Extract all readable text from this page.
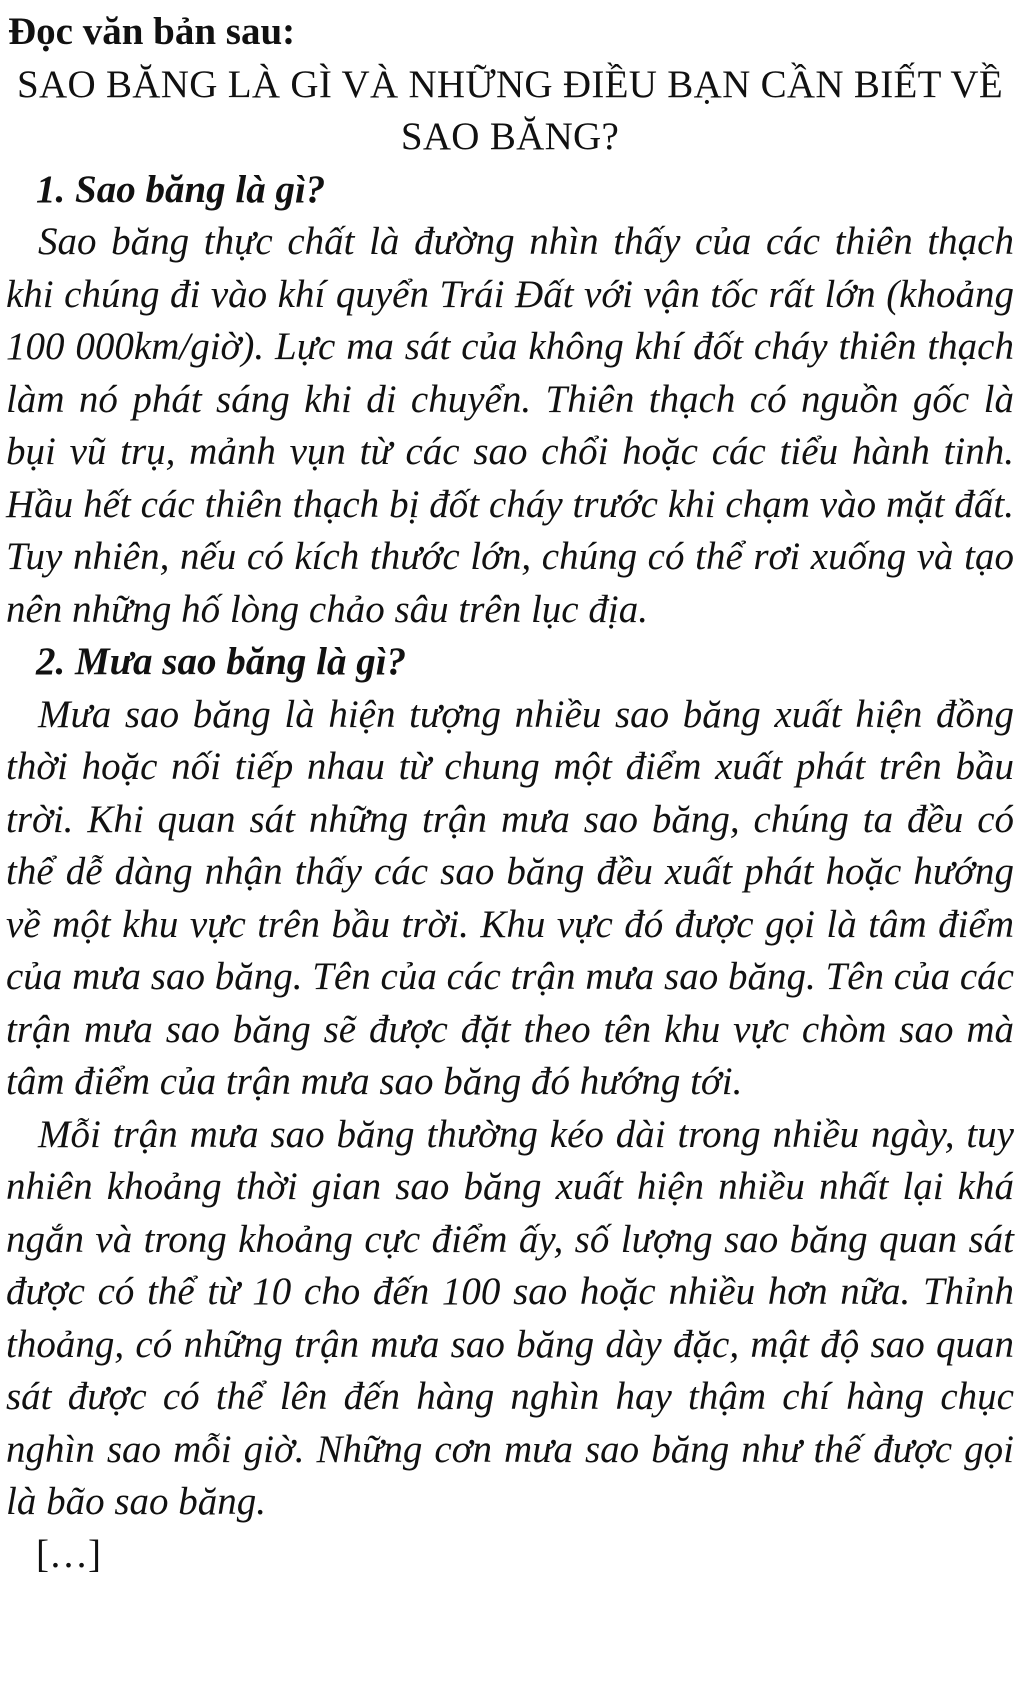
Đọc văn bản sau:

SAO BĂNG LÀ GÌ VÀ NHỮNG ĐIỀU BẠN CẦN BIẾT VỀ SAO BĂNG?

1. Sao băng là gì?

Sao băng thực chất là đường nhìn thấy của các thiên thạch khi chúng đi vào khí quyển Trái Đất với vận tốc rất lớn (khoảng 100 000km/giờ). Lực ma sát của không khí đốt cháy thiên thạch làm nó phát sáng khi di chuyển. Thiên thạch có nguồn gốc là bụi vũ trụ, mảnh vụn từ các sao chổi hoặc các tiểu hành tinh. Hầu hết các thiên thạch bị đốt cháy trước khi chạm vào mặt đất. Tuy nhiên, nếu có kích thước lớn, chúng có thể rơi xuống và tạo nên những hố lòng chảo sâu trên lục địa.

2. Mưa sao băng là gì?

Mưa sao băng là hiện tượng nhiều sao băng xuất hiện đồng thời hoặc nối tiếp nhau từ chung một điểm xuất phát trên bầu trời. Khi quan sát những trận mưa sao băng, chúng ta đều có thể dễ dàng nhận thấy các sao băng đều xuất phát hoặc hướng về một khu vực trên bầu trời. Khu vực đó được gọi là tâm điểm của mưa sao băng. Tên của các trận mưa sao băng. Tên của các trận mưa sao băng sẽ được đặt theo tên khu vực chòm sao mà tâm điểm của trận mưa sao băng đó hướng tới.

Mỗi trận mưa sao băng thường kéo dài trong nhiều ngày, tuy nhiên khoảng thời gian sao băng xuất hiện nhiều nhất lại khá ngắn và trong khoảng cực điểm ấy, số lượng sao băng quan sát được có thể từ 10 cho đến 100 sao hoặc nhiều hơn nữa. Thỉnh thoảng, có những trận mưa sao băng dày đặc, mật độ sao quan sát được có thể lên đến hàng nghìn hay thậm chí hàng chục nghìn sao mỗi giờ. Những cơn mưa sao băng như thế được gọi là bão sao băng.

[…]
